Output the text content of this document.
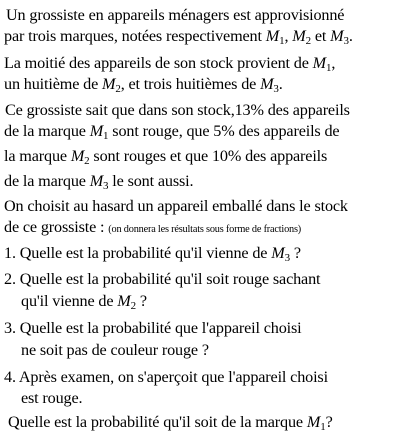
Un grossiste en appareils ménagers est approvisionné
par trois marques, notées respectivement $M_1$, $M_2$ et $M_3$.
La moitié des appareils de son stock provient de $M_1$,
un huitième de $M_2$, et trois huitièmes de $M_3$.
Ce grossiste sait que dans son stock,13% des appareils
de la marque $M_1$ sont rouge, que 5% des appareils de
la marque $M_2$ sont rouges et que 10% des appareils
de la marque $M_3$ le sont aussi.
On choisit au hasard un appareil emballé dans le stock
de ce grossiste : (on donnera les résultats sous forme de fractions)
1. Quelle est la probabilité qu'il vienne de $M_3$ ?
2. Quelle est la probabilité qu'il soit rouge sachant
qu'il vienne de $M_2$ ?
3. Quelle est la probabilité que l'appareil choisi
ne soit pas de couleur rouge ?
4. Après examen, on s'aperçoit que l'appareil choisi
est rouge.
Quelle est la probabilité qu'il soit de la marque $M_1$?
